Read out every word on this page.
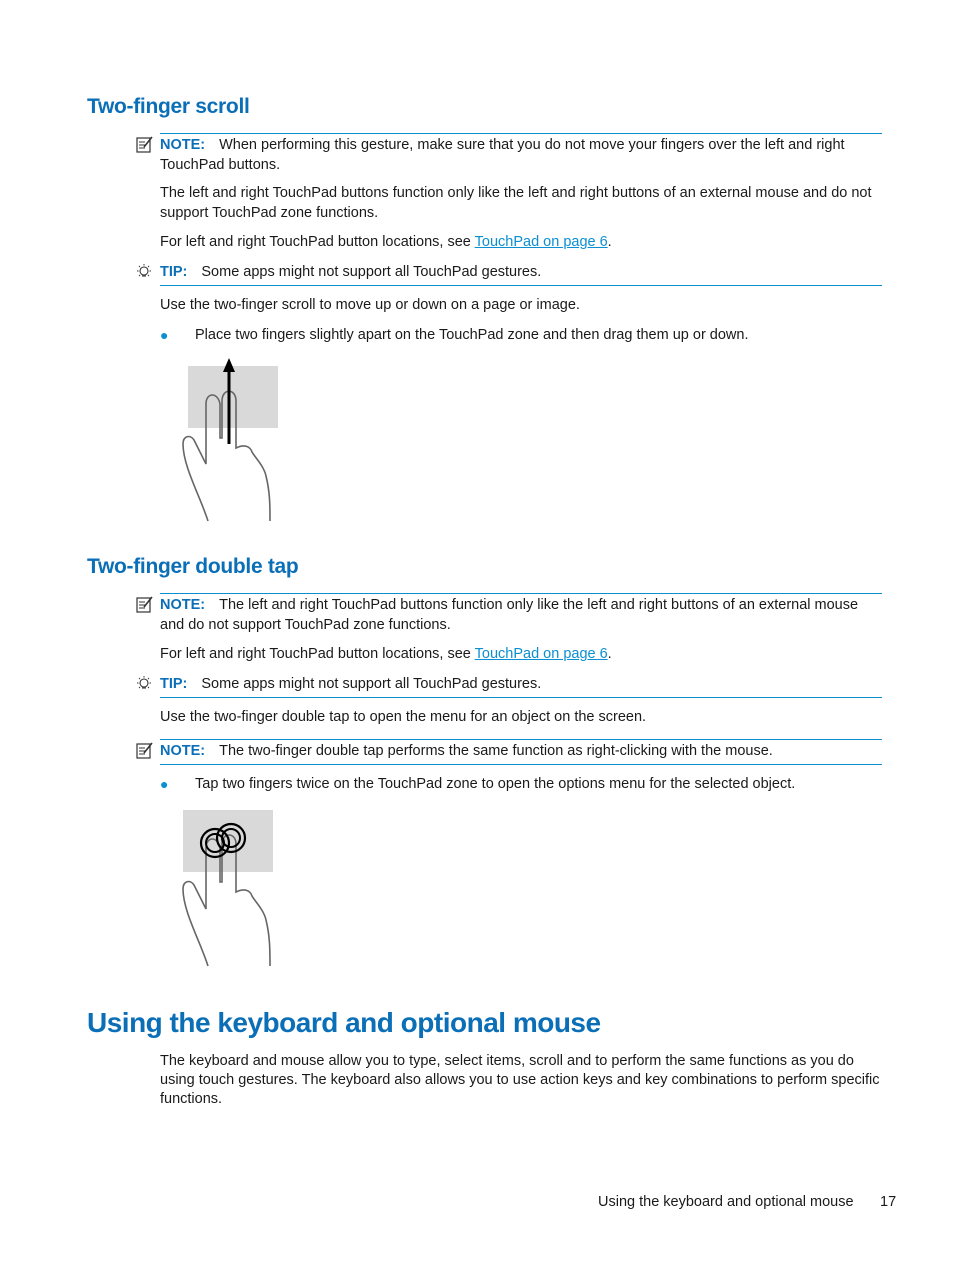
Two-finger scroll
NOTE: When performing this gesture, make sure that you do not move your fingers over the left and right TouchPad buttons.
The left and right TouchPad buttons function only like the left and right buttons of an external mouse and do not support TouchPad zone functions.
For left and right TouchPad button locations, see TouchPad on page 6.
TIP: Some apps might not support all TouchPad gestures.
Use the two-finger scroll to move up or down on a page or image.
● Place two fingers slightly apart on the TouchPad zone and then drag them up or down.
Two-finger double tap
NOTE: The left and right TouchPad buttons function only like the left and right buttons of an external mouse and do not support TouchPad zone functions.
For left and right TouchPad button locations, see TouchPad on page 6.
TIP: Some apps might not support all TouchPad gestures.
Use the two-finger double tap to open the menu for an object on the screen.
NOTE: The two-finger double tap performs the same function as right-clicking with the mouse.
● Tap two fingers twice on the TouchPad zone to open the options menu for the selected object.
Using the keyboard and optional mouse
The keyboard and mouse allow you to type, select items, scroll and to perform the same functions as you do using touch gestures. The keyboard also allows you to use action keys and key combinations to perform specific functions.
Using the keyboard and optional mouse 17
